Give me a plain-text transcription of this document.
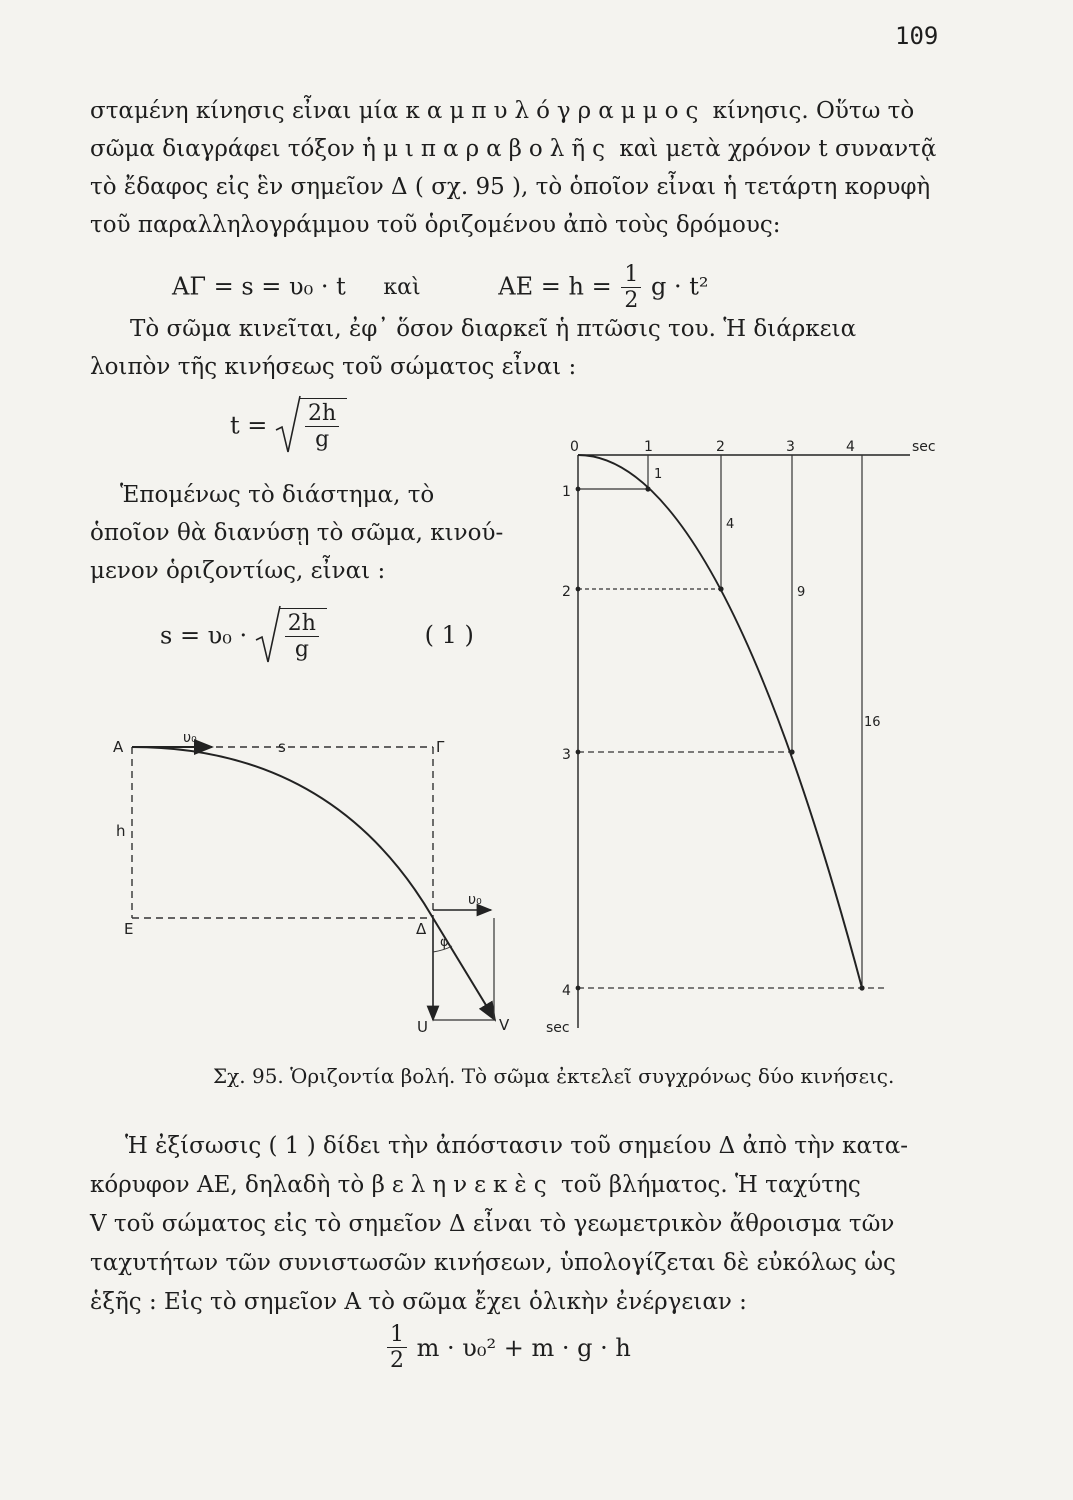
109
σταμένη κίνησις εἶναι μία καμπυλόγραμμος κίνησις. Οὕτω τὸ
σῶμα διαγράφει τόξον ἡμιπαραβολῆς καὶ μετὰ χρόνον t συναντᾷ
τὸ ἔδαφος εἰς ἓν σημεῖον Δ ( σχ. 95 ), τὸ ὁποῖον εἶναι ἡ τετάρτη κορυφὴ
τοῦ παραλληλογράμμου τοῦ ὁριζομένου ἀπὸ τοὺς δρόμους:
ΑΓ = s = υ₀ · t καὶ	$AE = h = \frac{1}{2}$ g · t²
Τὸ σῶμα κινεῖται, ἐφ᾽ ὅσον διαρκεῖ ἡ πτῶσις του. Ἡ διάρκεια
λοιπὸν τῆς κινήσεως τοῦ σώματος εἶναι :
$t = \frac{2h}{g}$
Ἑπομένως τὸ διάστημα, τὸ
ὁποῖον θὰ διανύσῃ τὸ σῶμα, κινού-
μενον ὁριζοντίως, εἶναι :
$s = \upsilon_0 \cdot \frac{2h}{g}$	( 1 )
A	υ₀	s	Γ
h
E	Δ
φ
υ₀
U	V
0	1	2	3	4	sec
1
2
3
4
1
4
9
16
sec
Σχ. 95. Ὁριζοντία βολή. Τὸ σῶμα ἐκτελεῖ συγχρόνως δύο κινήσεις.
Ἡ ἐξίσωσις ( 1 ) δίδει τὴν ἀπόστασιν τοῦ σημείου Δ ἀπὸ τὴν κατα-
κόρυφον ΑΕ, δηλαδὴ τὸ βεληνεκὲς τοῦ βλήματος. Ἡ ταχύτης
V τοῦ σώματος εἰς τὸ σημεῖον Δ εἶναι τὸ γεωμετρικὸν ἄθροισμα τῶν
ταχυτήτων τῶν συνιστωσῶν κινήσεων, ὑπολογίζεται δὲ εὐκόλως ὡς
ἑξῆς : Εἰς τὸ σημεῖον Α τὸ σῶμα ἔχει ὁλικὴν ἐνέργειαν :
$\frac{1}{2}$ m · υ₀² + m · g · h
